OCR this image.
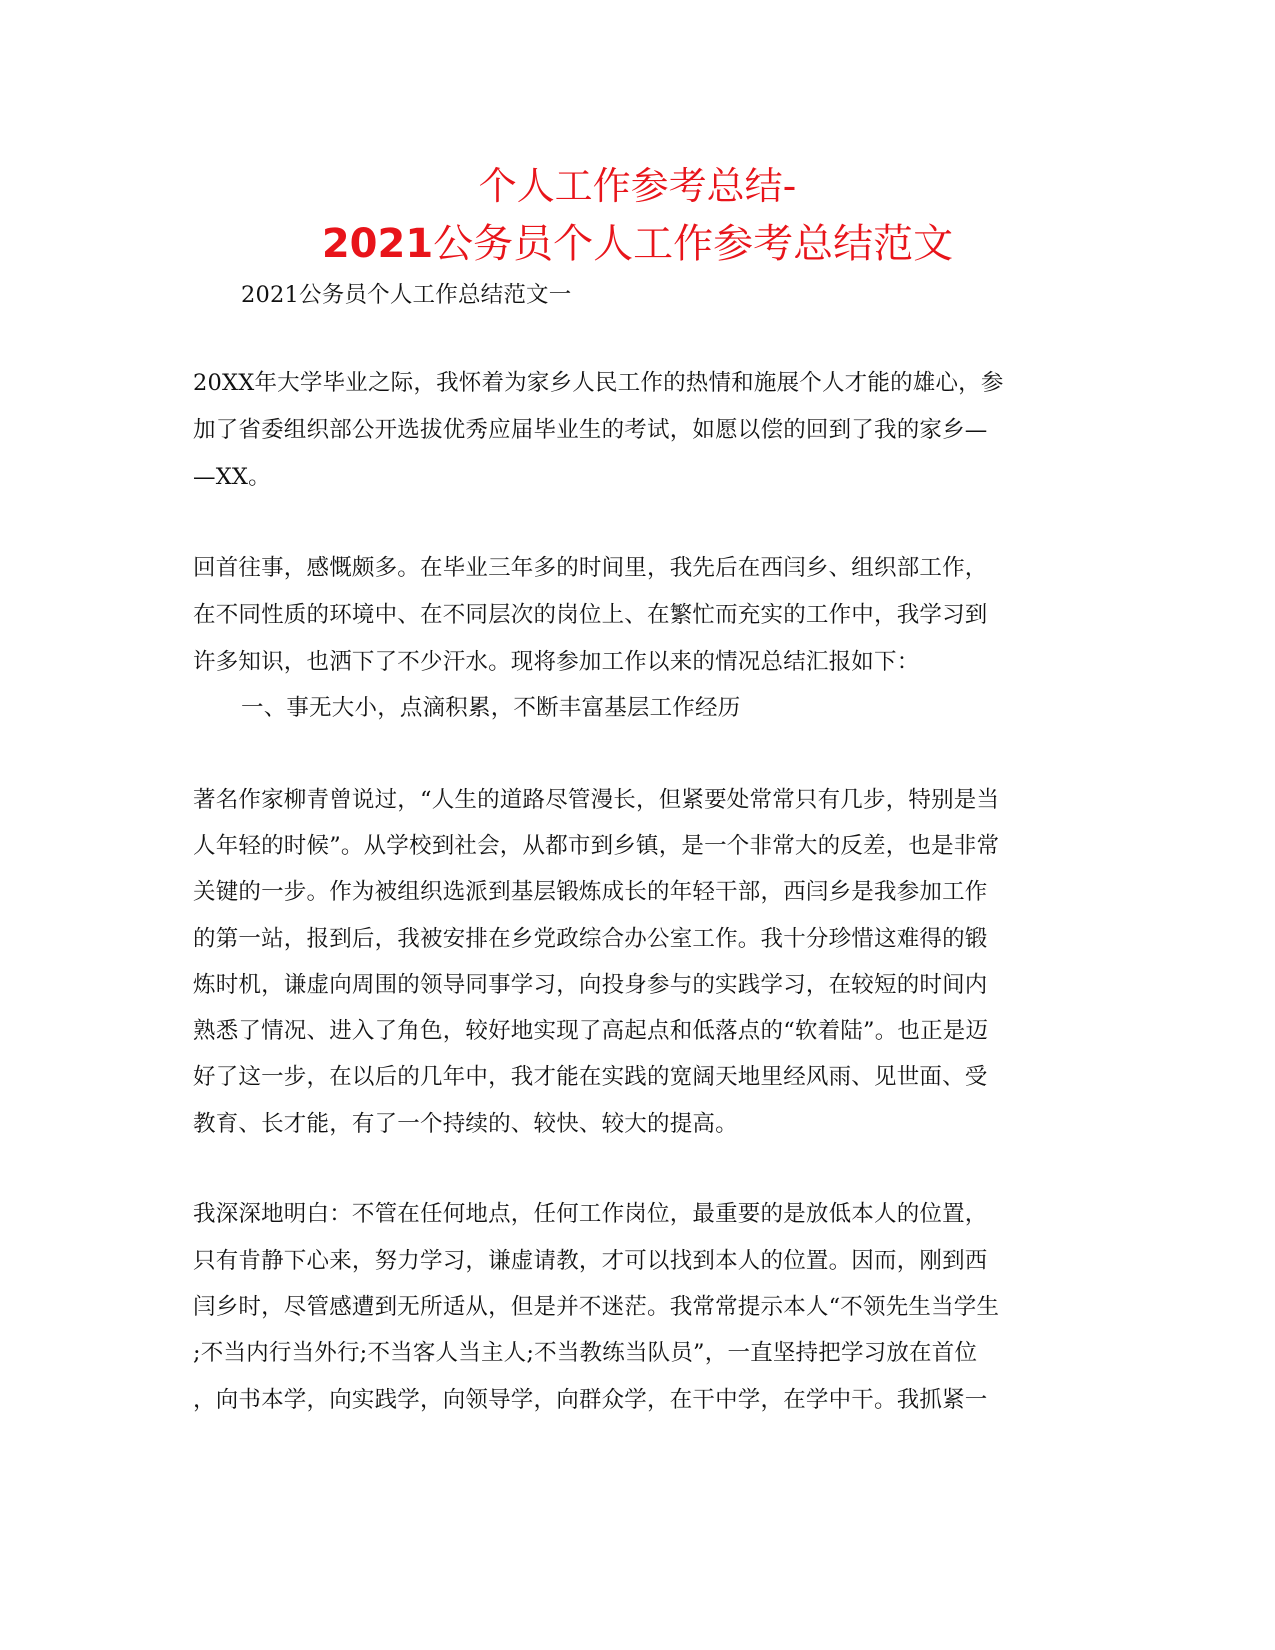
个人工作参考总结-
2021公务员个人工作参考总结范文
2021公务员个人工作总结范文一
20XX年大学毕业之际，我怀着为家乡人民工作的热情和施展个人才能的雄心，参
加了省委组织部公开选拔优秀应届毕业生的考试，如愿以偿的回到了我的家乡—
—XX。
回首往事，感慨颇多。在毕业三年多的时间里，我先后在西闫乡、组织部工作，
在不同性质的环境中、在不同层次的岗位上、在繁忙而充实的工作中，我学习到
许多知识，也洒下了不少汗水。现将参加工作以来的情况总结汇报如下：
一、事无大小，点滴积累，不断丰富基层工作经历
著名作家柳青曾说过，“人生的道路尽管漫长，但紧要处常常只有几步，特别是当
人年轻的时候”。从学校到社会，从都市到乡镇，是一个非常大的反差，也是非常
关键的一步。作为被组织选派到基层锻炼成长的年轻干部，西闫乡是我参加工作
的第一站，报到后，我被安排在乡党政综合办公室工作。我十分珍惜这难得的锻
炼时机，谦虚向周围的领导同事学习，向投身参与的实践学习，在较短的时间内
熟悉了情况、进入了角色，较好地实现了高起点和低落点的“软着陆”。也正是迈
好了这一步，在以后的几年中，我才能在实践的宽阔天地里经风雨、见世面、受
教育、长才能，有了一个持续的、较快、较大的提高。
我深深地明白：不管在任何地点，任何工作岗位，最重要的是放低本人的位置，
只有肯静下心来，努力学习，谦虚请教，才可以找到本人的位置。因而，刚到西
闫乡时，尽管感遭到无所适从，但是并不迷茫。我常常提示本人“不领先生当学生
;不当内行当外行;不当客人当主人;不当教练当队员”，一直坚持把学习放在首位
，向书本学，向实践学，向领导学，向群众学，在干中学，在学中干。我抓紧一
